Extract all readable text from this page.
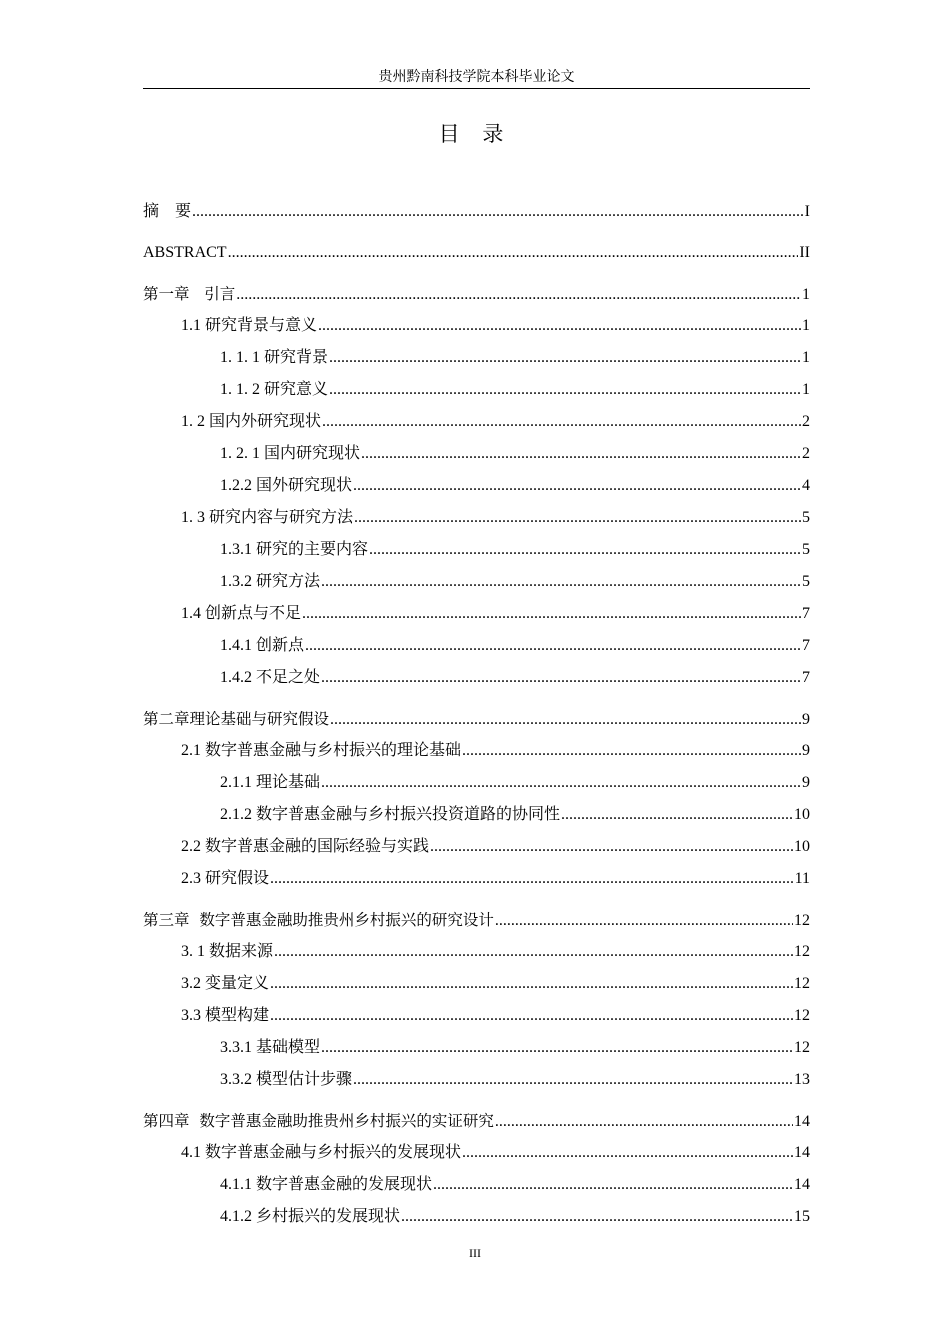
贵州黔南科技学院本科毕业论文
目 录
摘    要 .....	I
ABSTRACT .....	II
第一章   引言 .....	1
1.1 研究背景与意义 .....	1
1. 1. 1 研究背景 .....	1
1. 1. 2 研究意义 .....	1
1. 2 国内外研究现状 .....	2
1. 2. 1 国内研究现状 .....	2
1.2.2 国外研究现状 .....	4
1. 3 研究内容与研究方法 .....	5
1.3.1 研究的主要内容 .....	5
1.3.2 研究方法 .....	5
1.4 创新点与不足 .....	7
1.4.1 创新点 .....	7
1.4.2 不足之处 .....	7
第二章理论基础与研究假设 .....	9
2.1 数字普惠金融与乡村振兴的理论基础 .....	9
2.1.1 理论基础 .....	9
2.1.2 数字普惠金融与乡村振兴投资道路的协同性 .....	10
2.2 数字普惠金融的国际经验与实践 .....	10
2.3 研究假设 .....	11
第三章  数字普惠金融助推贵州乡村振兴的研究设计 .....	12
3. 1 数据来源 .....	12
3.2 变量定义 .....	12
3.3 模型构建 .....	12
3.3.1 基础模型 .....	12
3.3.2 模型估计步骤 .....	13
第四章  数字普惠金融助推贵州乡村振兴的实证研究 .....	14
4.1 数字普惠金融与乡村振兴的发展现状 .....	14
4.1.1 数字普惠金融的发展现状 .....	14
4.1.2 乡村振兴的发展现状 .....	15
III
